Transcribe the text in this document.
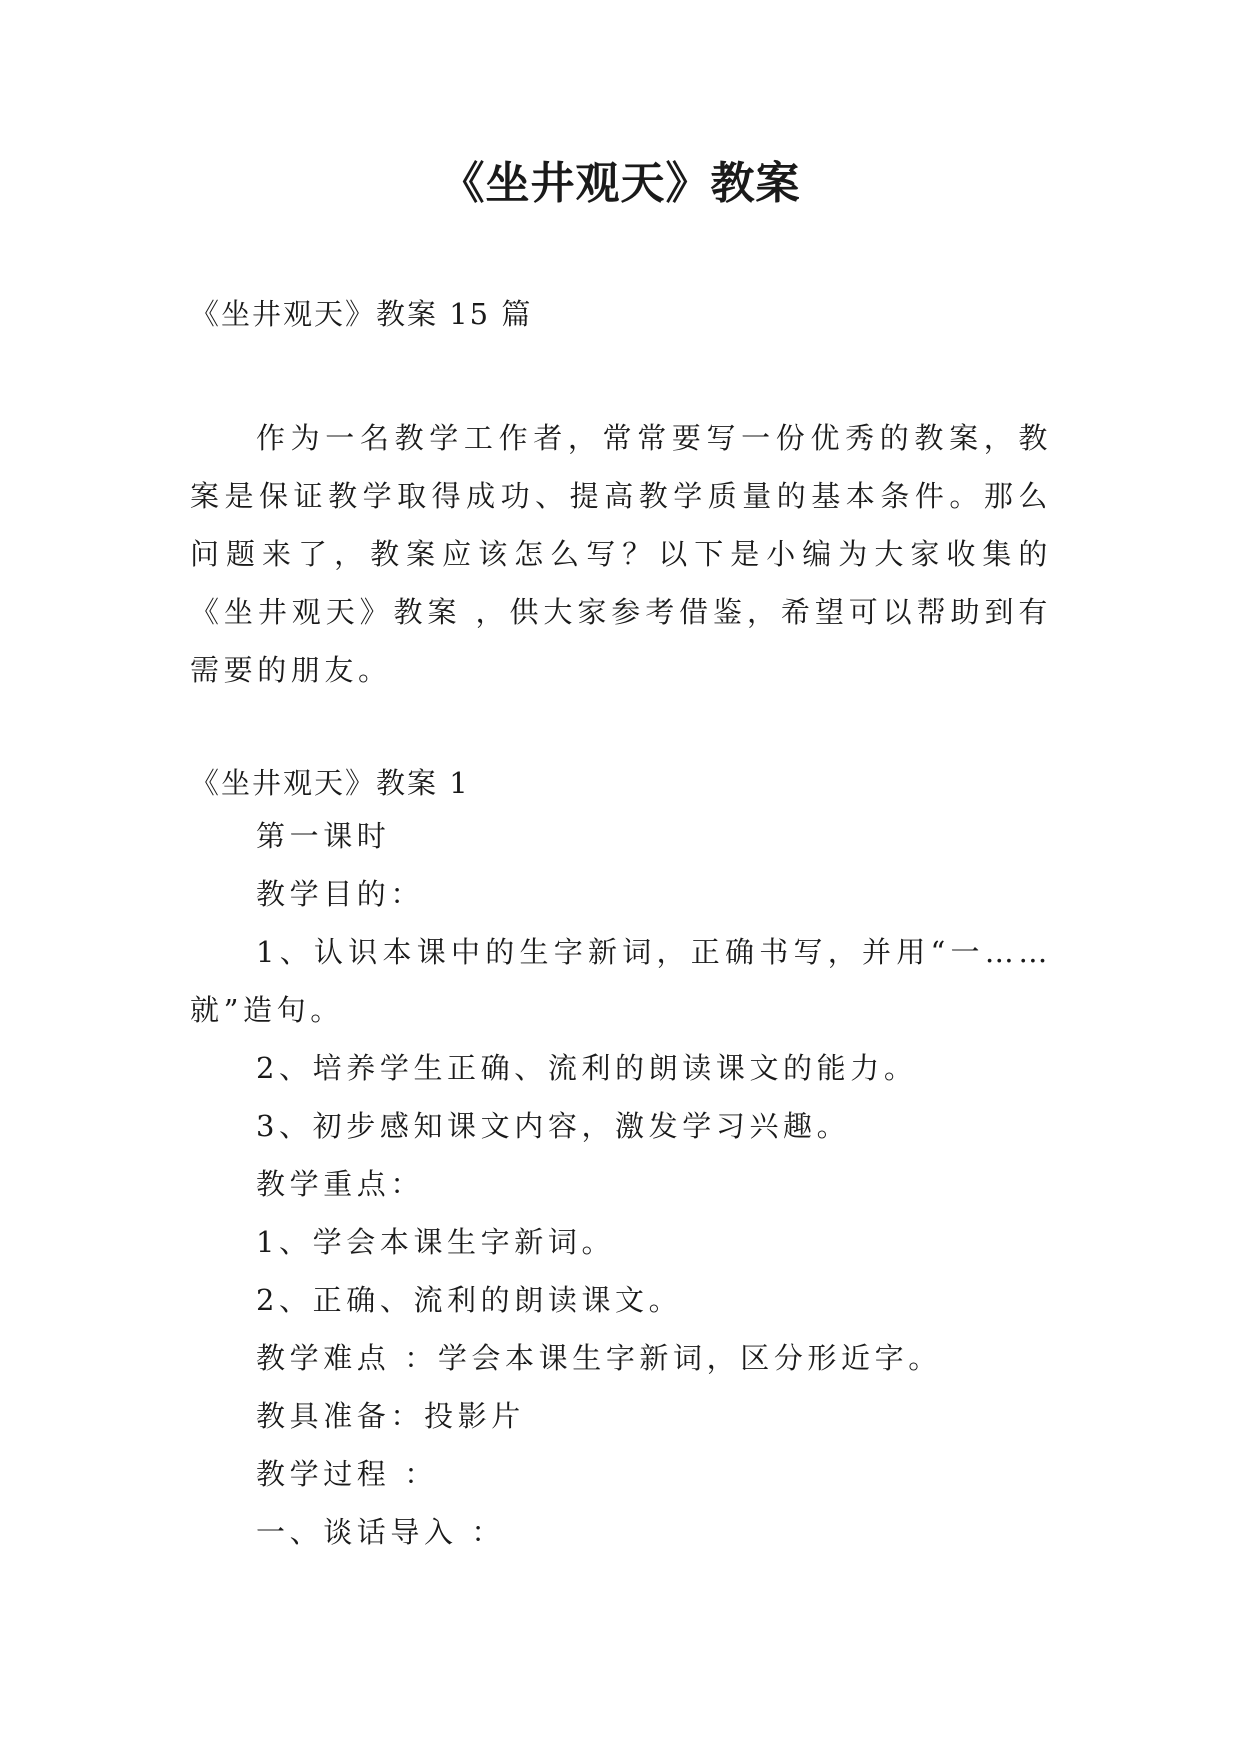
《坐井观天》教案
《坐井观天》教案 15 篇

作为一名教学工作者，常常要写一份优秀的教案，教案是保证教学取得成功、提高教学质量的基本条件。那么问题来了，教案应该怎么写？以下是小编为大家收集的《坐井观天》教案 ，供大家参考借鉴，希望可以帮助到有需要的朋友。

《坐井观天》教案 1
第一课时
教学目的：
1、认识本课中的生字新词，正确书写，并用“一……就”造句。
2、培养学生正确、流利的朗读课文的能力。
3、初步感知课文内容，激发学习兴趣。
教学重点：
1、学会本课生字新词。
2、正确、流利的朗读课文。
教学难点 ：学会本课生字新词，区分形近字。
教具准备：投影片
教学过程 ：
一、谈话导入 ：
